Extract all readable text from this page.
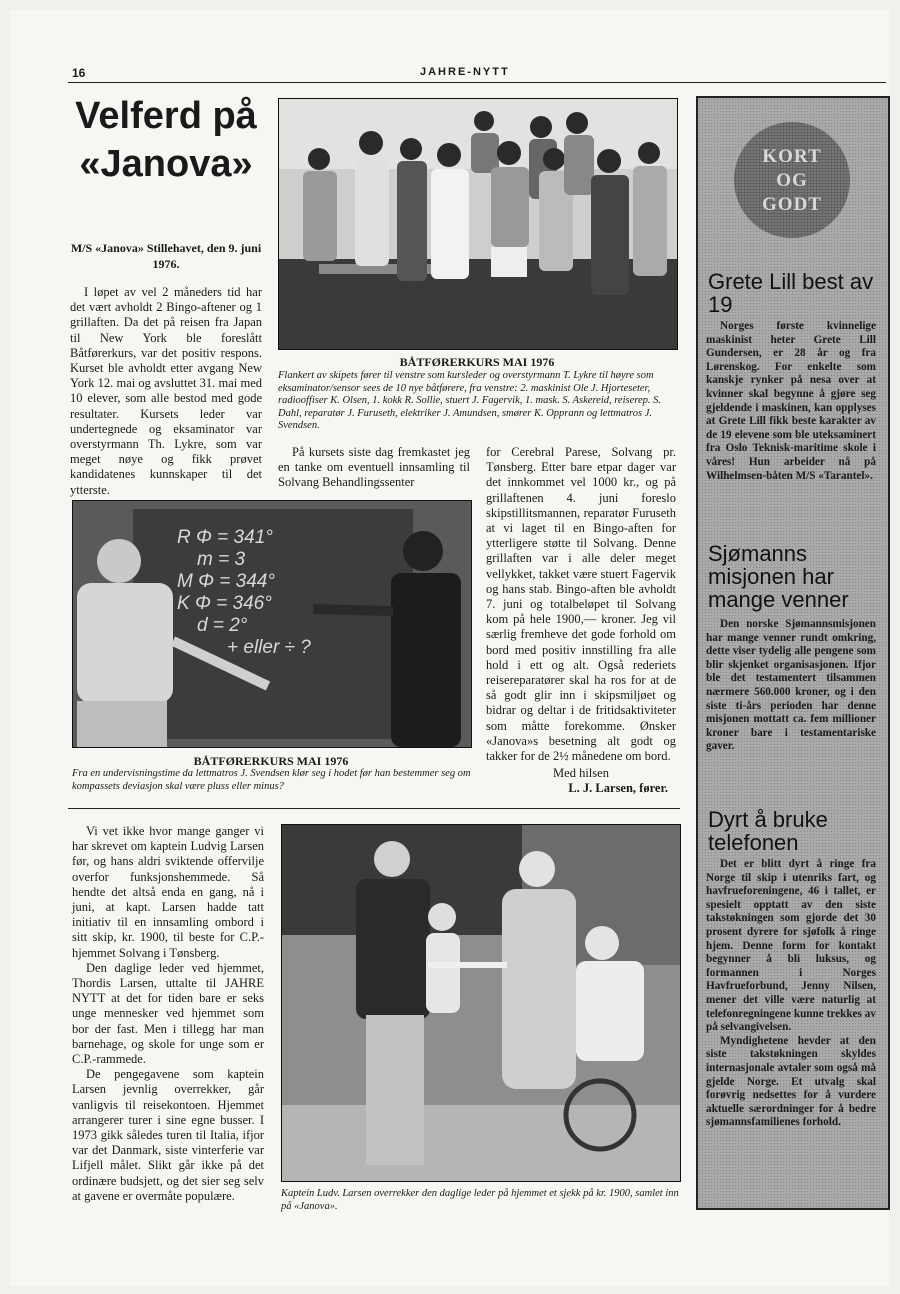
16	JAHRE-NYTT
Velferd på «Janova»
M/S «Janova» Stillehavet, den 9. juni 1976.

I løpet av vel 2 måneders tid har det vært avholdt 2 Bingo-aftener og 1 grillaften. Da det på reisen fra Japan til New York ble foreslått Båtførerkurs, var det positiv respons. Kurset ble avholdt etter avgang New York 12. mai og avsluttet 31. mai med 10 elever, som alle bestod med gode resultater. Kursets leder var undertegnede og eksaminator var overstyrmann Th. Lykre, som var meget nøye og fikk prøvet kandidatenes kunnskaper til det ytterste.

BÅTFØRERKURS MAI 1976
Flankert av skipets fører til venstre som kursleder og overstyrmann T. Lykre til høyre som eksaminator/sensor sees de 10 nye båtførere, fra venstre: 2. maskinist Ole J. Hjorteseter, radiooffiser K. Olsen, 1. kokk R. Sollie, stuert J. Fagervik, 1. mask. S. Askereid, reiserep. S. Dahl, reparatør J. Furuseth, elektriker J. Amundsen, smører K. Opprann og lettmatros J. Svendsen.

På kursets siste dag fremkastet jeg en tanke om eventuell innsamling til Solvang Behandlingssenter

for Cerebral Parese, Solvang pr. Tønsberg. Etter bare etpar dager var det innkommet vel 1000 kr., og på grillaftenen 4. juni foreslo skipstillitsmannen, reparatør Furuseth at vi laget til en Bingo-aften for ytterligere støtte til Solvang. Denne grillaften var i alle deler meget vellykket, takket være stuert Fagervik og hans stab. Bingo-aften ble avholdt 7. juni og totalbeløpet til Solvang kom på hele 1900,— kroner. Jeg vil særlig fremheve det gode forhold om bord med positiv innstilling fra alle hold i ett og alt. Også rederiets reisereparatører skal ha ros for at de så godt glir inn i skipsmiljøet og bidrar og deltar i de fritidsaktiviteter som måtte forekomme. Ønsker «Janova»s besetning alt godt og takker for de 2½ månedene om bord.

Med hilsen
L. J. Larsen, fører.
R Φ = 341°
m = 3
M Φ = 344°
K Φ = 346°
d = 2°
+ eller ÷ ?
BÅTFØRERKURS MAI 1976
Fra en undervisningstime da lettmatros J. Svendsen klør seg i hodet før han bestemmer seg om kompassets deviasjon skal være pluss eller minus?

Vi vet ikke hvor mange ganger vi har skrevet om kaptein Ludvig Larsen før, og hans aldri sviktende offervilje overfor funksjonshemmede. Så hendte det altså enda en gang, nå i juni, at kapt. Larsen hadde tatt initiativ til en innsamling ombord i sitt skip, kr. 1900, til beste for C.P.-hjemmet Solvang i Tønsberg.

Den daglige leder ved hjemmet, Thordis Larsen, uttalte til JAHRE NYTT at det for tiden bare er seks unge mennesker ved hjemmet som bor der fast. Men i tillegg har man barnehage, og skole for unge som er C.P.-rammede.

De pengegavene som kaptein Larsen jevnlig overrekker, går vanligvis til reisekontoen. Hjemmet arrangerer turer i sine egne busser. I 1973 gikk således turen til Italia, ifjor var det Danmark, siste vinterferie var Lifjell målet. Slikt går ikke på det ordinære budsjett, og det sier seg selv at gavene er overmåte populære.	Kaptein Ludv. Larsen overrekker den daglige leder på hjemmet et sjekk på kr. 1900, samlet inn på «Janova».
KORT
OG
GODT
Grete Lill best av 19
Norges første kvinnelige maskinist heter Grete Lill Gundersen, er 28 år og fra Lørenskog. For enkelte som kanskje rynker på nesa over at kvinner skal begynne å gjøre seg gjeldende i maskinen, kan opplyses at Grete Lill fikk beste karakter av de 19 elevene som ble uteksaminert fra Oslo Teknisk-maritime skole i våres! Hun arbeider nå på Wilhelmsen-båten M/S «Tarantel».
Sjømanns misjonen har mange venner
Den norske Sjømannsmisjonen har mange venner rundt omkring, dette viser tydelig alle pengene som blir skjenket organisasjonen. Ifjor ble det testamentert tilsammen nærmere 560.000 kroner, og i den siste ti-års perioden har denne misjonen mottatt ca. fem millioner kroner bare i testamentariske gaver.
Dyrt å bruke telefonen
Det er blitt dyrt å ringe fra Norge til skip i utenriks fart, og havfrueforeningene, 46 i tallet, er spesielt opptatt av den siste takstøkningen som gjorde det 30 prosent dyrere for sjøfolk å ringe hjem. Denne form for kontakt begynner å bli luksus, og formannen i Norges Havfrueforbund, Jenny Nilsen, mener det ville være naturlig at telefonregningene kunne trekkes av på selvangivelsen.
Myndighetene hevder at den siste takstøkningen skyldes internasjonale avtaler som også må gjelde Norge. Et utvalg skal forøvrig nedsettes for å vurdere aktuelle særordninger for å bedre sjømannsfamilienes forhold.
